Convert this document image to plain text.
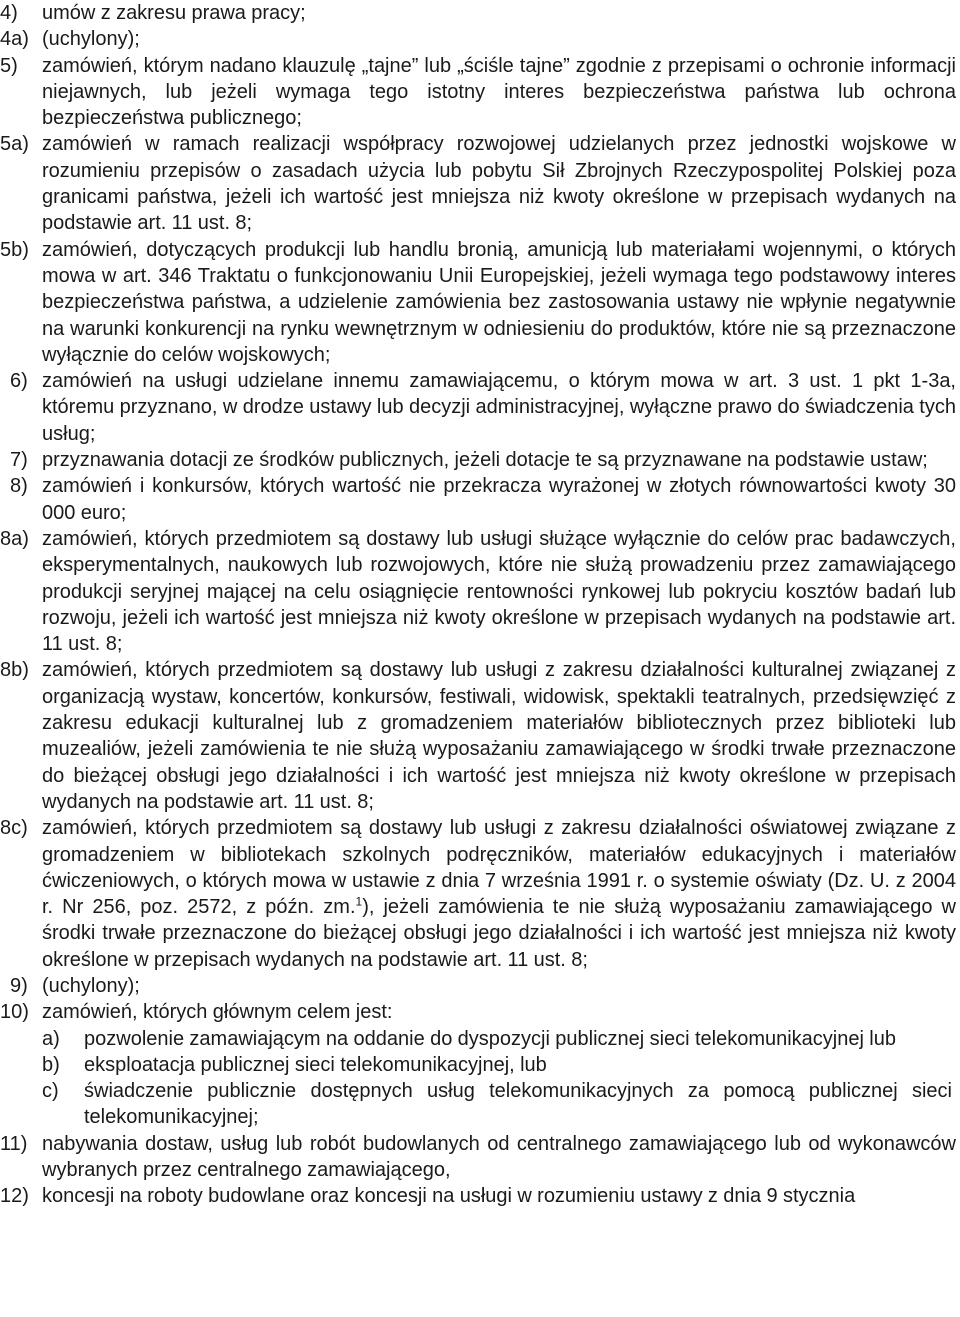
4) umów z zakresu prawa pracy;
4a) (uchylony);
5) zamówień, którym nadano klauzulę „tajne” lub „ściśle tajne” zgodnie z przepisami o ochronie informacji niejawnych, lub jeżeli wymaga tego istotny interes bezpieczeństwa państwa lub ochrona bezpieczeństwa publicznego;
5a) zamówień w ramach realizacji współpracy rozwojowej udzielanych przez jednostki wojskowe w rozumieniu przepisów o zasadach użycia lub pobytu Sił Zbrojnych Rzeczypospolitej Polskiej poza granicami państwa, jeżeli ich wartość jest mniejsza niż kwoty określone w przepisach wydanych na podstawie art. 11 ust. 8;
5b) zamówień, dotyczących produkcji lub handlu bronią, amunicją lub materiałami wojennymi, o których mowa w art. 346 Traktatu o funkcjonowaniu Unii Europejskiej, jeżeli wymaga tego podstawowy interes bezpieczeństwa państwa, a udzielenie zamówienia bez zastosowania ustawy nie wpłynie negatywnie na warunki konkurencji na rynku wewnętrznym w odniesieniu do produktów, które nie są przeznaczone wyłącznie do celów wojskowych;
6) zamówień na usługi udzielane innemu zamawiającemu, o którym mowa w art. 3 ust. 1 pkt 1-3a, któremu przyznano, w drodze ustawy lub decyzji administracyjnej, wyłączne prawo do świadczenia tych usług;
7) przyznawania dotacji ze środków publicznych, jeżeli dotacje te są przyznawane na podstawie ustaw;
8) zamówień i konkursów, których wartość nie przekracza wyrażonej w złotych równowartości kwoty 30 000 euro;
8a) zamówień, których przedmiotem są dostawy lub usługi służące wyłącznie do celów prac badawczych, eksperymentalnych, naukowych lub rozwojowych, które nie służą prowadzeniu przez zamawiającego produkcji seryjnej mającej na celu osiągnięcie rentowności rynkowej lub pokryciu kosztów badań lub rozwoju, jeżeli ich wartość jest mniejsza niż kwoty określone w przepisach wydanych na podstawie art. 11 ust. 8;
8b) zamówień, których przedmiotem są dostawy lub usługi z zakresu działalności kulturalnej związanej z organizacją wystaw, koncertów, konkursów, festiwali, widowisk, spektakli teatralnych, przedsięwzięć z zakresu edukacji kulturalnej lub z gromadzeniem materiałów bibliotecznych przez biblioteki lub muzealiów, jeżeli zamówienia te nie służą wyposażaniu zamawiającego w środki trwałe przeznaczone do bieżącej obsługi jego działalności i ich wartość jest mniejsza niż kwoty określone w przepisach wydanych na podstawie art. 11 ust. 8;
8c) zamówień, których przedmiotem są dostawy lub usługi z zakresu działalności oświatowej związane z gromadzeniem w bibliotekach szkolnych podręczników, materiałów edukacyjnych i materiałów ćwiczeniowych, o których mowa w ustawie z dnia 7 września 1991 r. o systemie oświaty (Dz. U. z 2004 r. Nr 256, poz. 2572, z późn. zm.$^1$), jeżeli zamówienia te nie służą wyposażaniu zamawiającego w środki trwałe przeznaczone do bieżącej obsługi jego działalności i ich wartość jest mniejsza niż kwoty określone w przepisach wydanych na podstawie art. 11 ust. 8;
9) (uchylony);
10) zamówień, których głównym celem jest:
a) pozwolenie zamawiającym na oddanie do dyspozycji publicznej sieci telekomunikacyjnej lub
b) eksploatacja publicznej sieci telekomunikacyjnej, lub
c) świadczenie publicznie dostępnych usług telekomunikacyjnych za pomocą publicznej sieci telekomunikacyjnej;
11) nabywania dostaw, usług lub robót budowlanych od centralnego zamawiającego lub od wykonawców wybranych przez centralnego zamawiającego,
12) koncesji na roboty budowlane oraz koncesji na usługi w rozumieniu ustawy z dnia 9 stycznia
